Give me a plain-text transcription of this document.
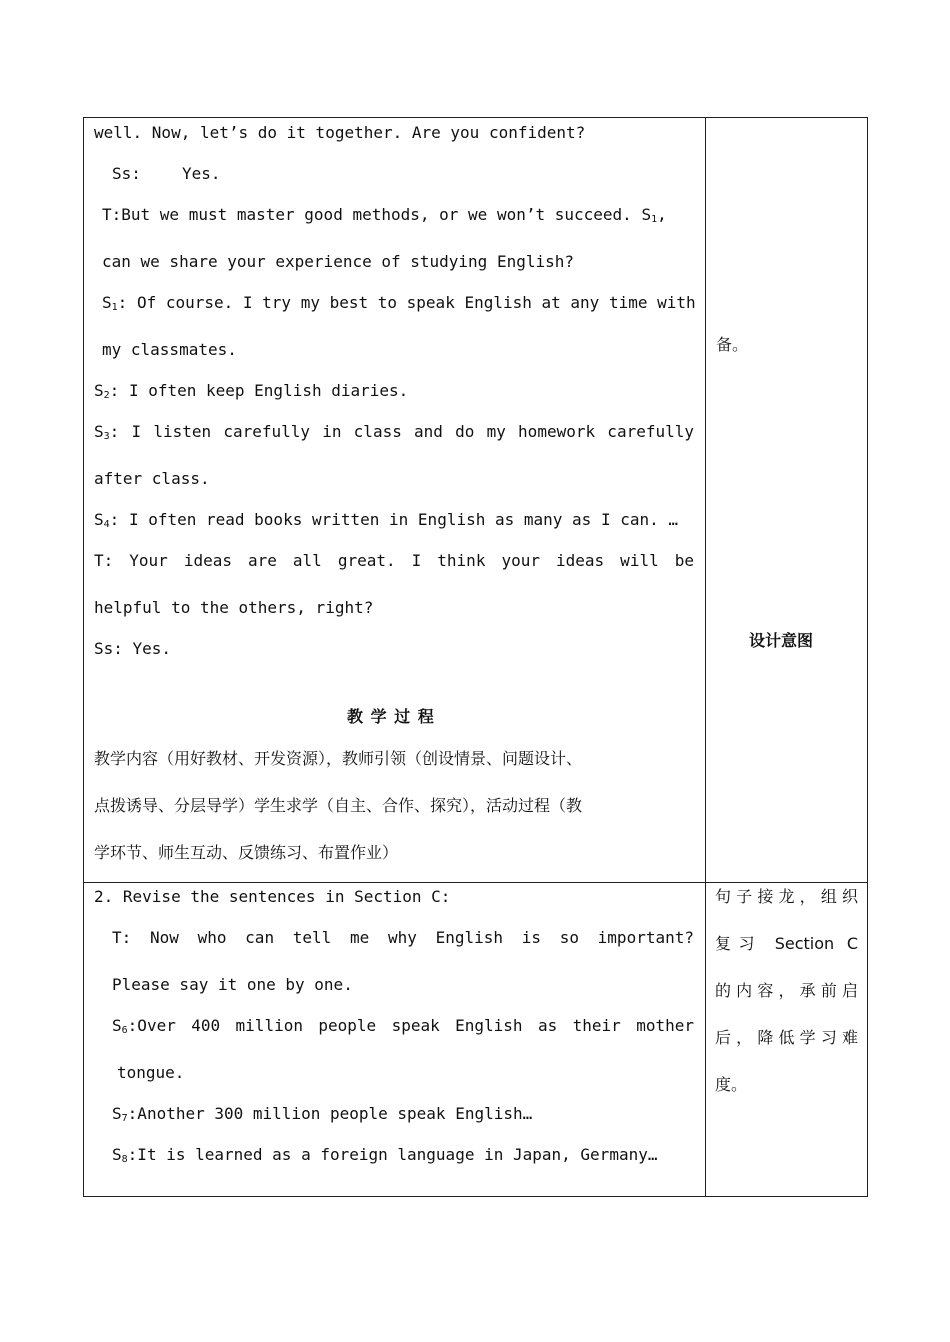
well. Now, let’s do it together. Are you confident?
Ss:	Yes.
T:But we must master good methods, or we won’t succeed. $S_1$,
can we share your experience of studying English?
$S_1$: Of course. I try my best to speak English at any time with
my classmates.
$S_2$: I often keep English diaries.
$S_3$: I listen carefully in class and do my homework carefully
after class.
$S_4$: I often read books written in English as many as I can. …
T: Your ideas are all great. I think your ideas will be
helpful to the others, right?
Ss: Yes.
教 学 过 程
教学内容（用好教材、开发资源），教师引领（创设情景、问题设计、
点拨诱导、分层导学）学生求学（自主、合作、探究），活动过程（教
学环节、师生互动、反馈练习、布置作业）
备。
设计意图
2. Revise the sentences in Section C:
T: Now who can tell me why English is so important?
Please say it one by one.
$S_6:Over$ 400 million people speak English as their mother
tongue.
$S_7:Another$ 300 million people speak English…
$S_8:It$ is learned as a foreign language in Japan, Germany…
句子接龙，组织
复习 Section C
的内容，承前启
后，降低学习难
度。
